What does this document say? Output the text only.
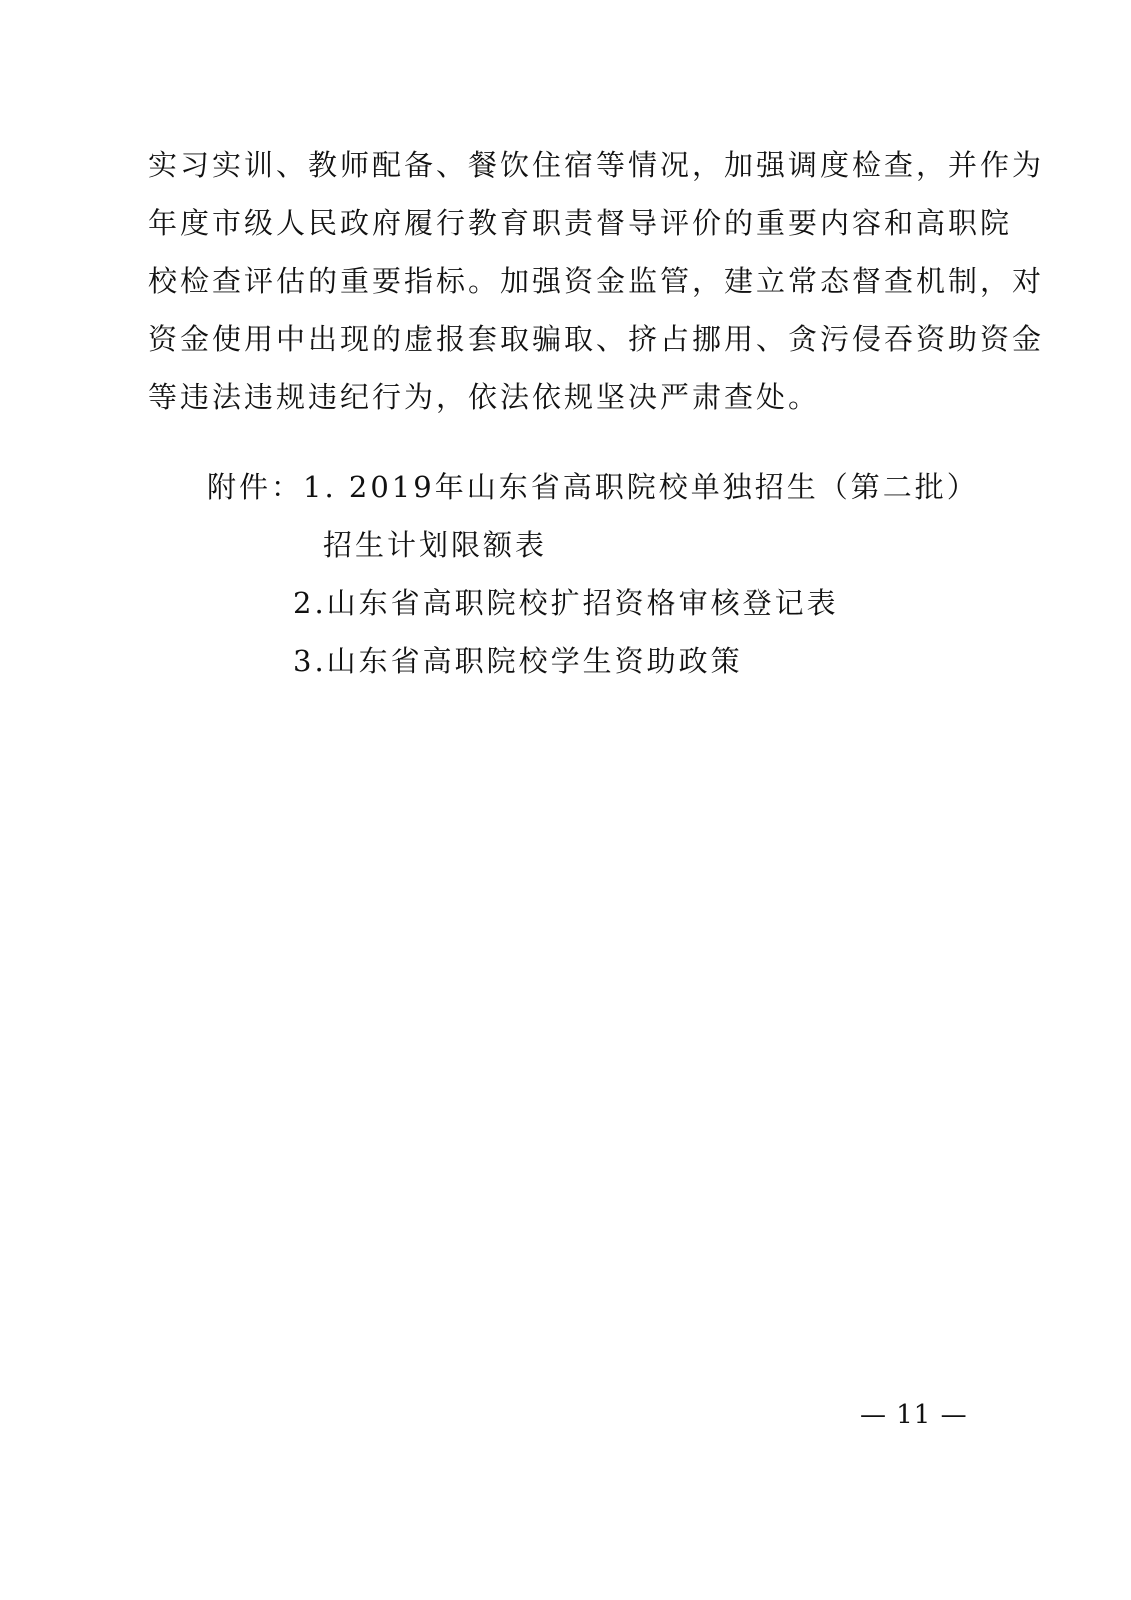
实习实训、教师配备、餐饮住宿等情况，加强调度检查，并作为
年度市级人民政府履行教育职责督导评价的重要内容和高职院
校检查评估的重要指标。加强资金监管，建立常态督查机制，对
资金使用中出现的虚报套取骗取、挤占挪用、贪污侵吞资助资金
等违法违规违纪行为，依法依规坚决严肃查处。
附件：1. 2019年山东省高职院校单独招生（第二批）
招生计划限额表
2.山东省高职院校扩招资格审核登记表
3.山东省高职院校学生资助政策
— 11 —
